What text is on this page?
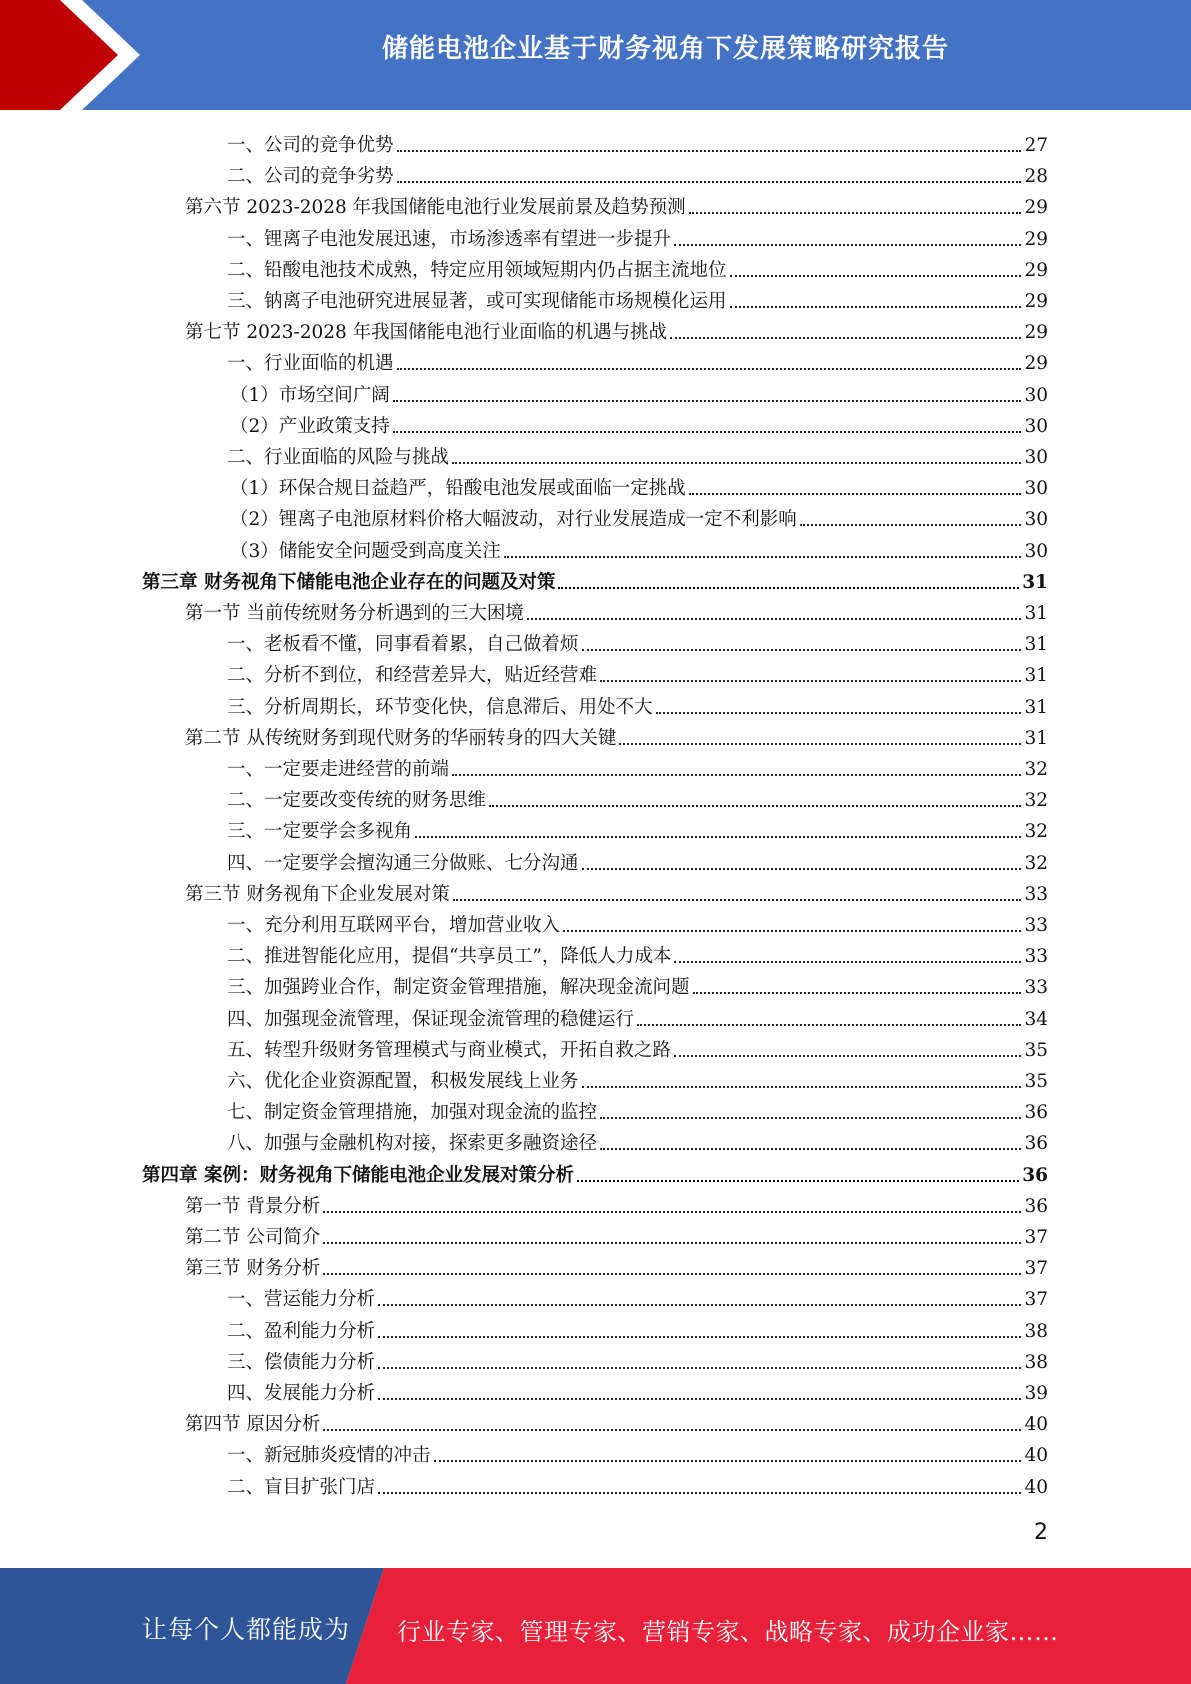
储能电池企业基于财务视角下发展策略研究报告
一、公司的竞争优势	27
二、公司的竞争劣势	28
第六节 2023-2028 年我国储能电池行业发展前景及趋势预测	29
一、锂离子电池发展迅速，市场渗透率有望进一步提升	29
二、铅酸电池技术成熟，特定应用领域短期内仍占据主流地位	29
三、钠离子电池研究进展显著，或可实现储能市场规模化运用	29
第七节 2023-2028 年我国储能电池行业面临的机遇与挑战	29
一、行业面临的机遇	29
（1）市场空间广阔	30
（2）产业政策支持	30
二、行业面临的风险与挑战	30
（1）环保合规日益趋严，铅酸电池发展或面临一定挑战	30
（2）锂离子电池原材料价格大幅波动，对行业发展造成一定不利影响	30
（3）储能安全问题受到高度关注	30
第三章 财务视角下储能电池企业存在的问题及对策	31
第一节 当前传统财务分析遇到的三大困境	31
一、老板看不懂，同事看着累，自己做着烦	31
二、分析不到位，和经营差异大，贴近经营难	31
三、分析周期长，环节变化快，信息滞后、用处不大	31
第二节 从传统财务到现代财务的华丽转身的四大关键	31
一、一定要走进经营的前端	32
二、一定要改变传统的财务思维	32
三、一定要学会多视角	32
四、一定要学会擅沟通三分做账、七分沟通	32
第三节 财务视角下企业发展对策	33
一、充分利用互联网平台，增加营业收入	33
二、推进智能化应用，提倡“共享员工”，降低人力成本	33
三、加强跨业合作，制定资金管理措施，解决现金流问题	33
四、加强现金流管理，保证现金流管理的稳健运行	34
五、转型升级财务管理模式与商业模式，开拓自救之路	35
六、优化企业资源配置，积极发展线上业务	35
七、制定资金管理措施，加强对现金流的监控	36
八、加强与金融机构对接，探索更多融资途径	36
第四章 案例：财务视角下储能电池企业发展对策分析	36
第一节 背景分析	36
第二节 公司简介	37
第三节 财务分析	37
一、营运能力分析	37
二、盈利能力分析	38
三、偿债能力分析	38
四、发展能力分析	39
第四节 原因分析	40
一、新冠肺炎疫情的冲击	40
二、盲目扩张门店	40
2
让每个人都能成为 行业专家、管理专家、营销专家、战略专家、成功企业家……
